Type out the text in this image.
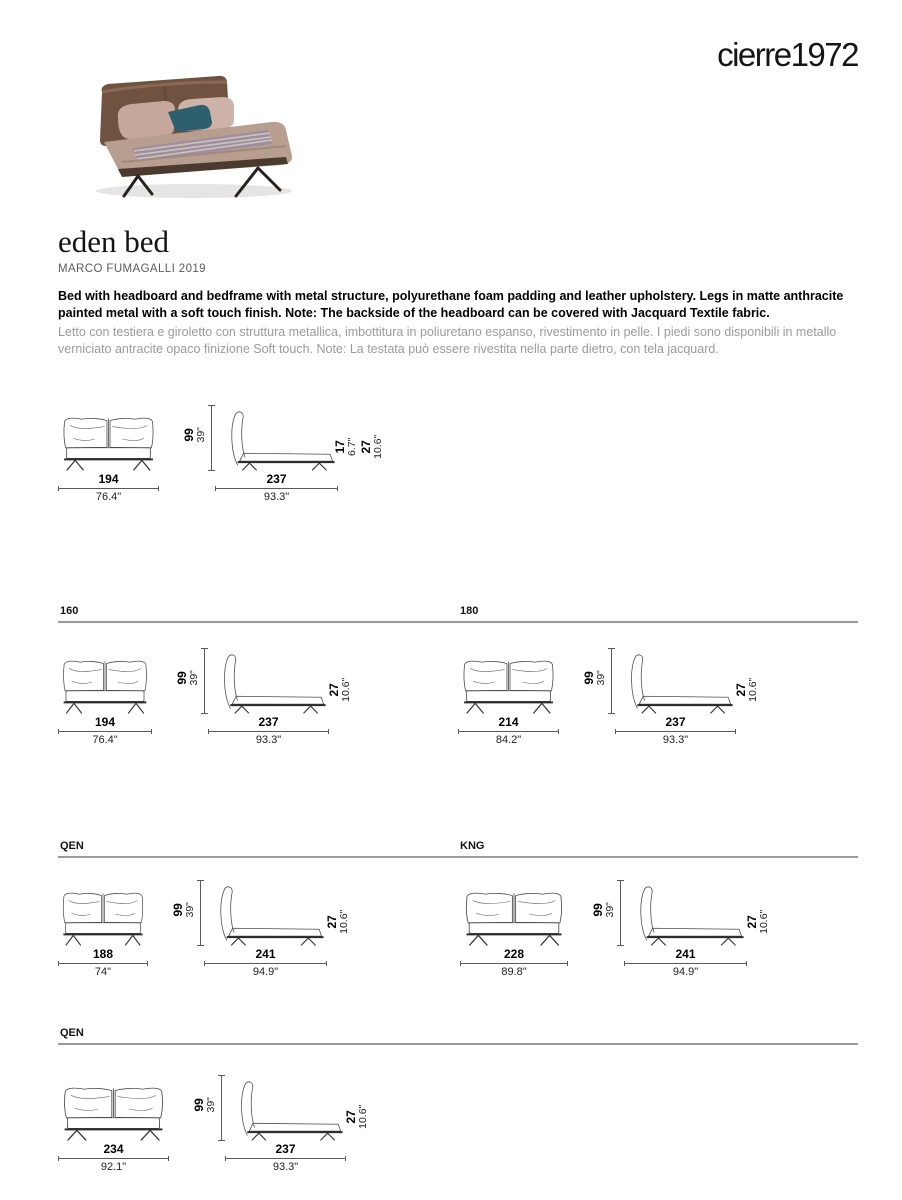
cierre1972
eden bed
MARCO FUMAGALLI 2019
Bed with headboard and bedframe with metal structure, polyurethane foam padding and leather upholstery. Legs in matte anthracite painted metal with a soft touch finish. Note: The backside of the headboard can be covered with Jacquard Textile fabric.
Letto con testiera e giroletto con struttura metallica, imbottitura in poliuretano espanso, rivestimento in pelle. I piedi sono disponibili in metallo verniciato antracite opaco finizione Soft touch. Note: La testata può essere rivestita nella parte dietro, con tela jacquard.
194
76.4"
99
39"
17
6.7" 27
10.6"
237
93.3"
160	180
194
76.4"
99
39"
27
10.6"
237
93.3"
214
84.2"
99
39"
27
10.6"
237
93.3"
QEN	KNG
188
74"
99
39"
27
10.6"
241
94.9"
228
89.8"
99
39"
27
10.6"
241
94.9"
QEN
234
92.1"
99
39"
27
10.6"
237
93.3"
